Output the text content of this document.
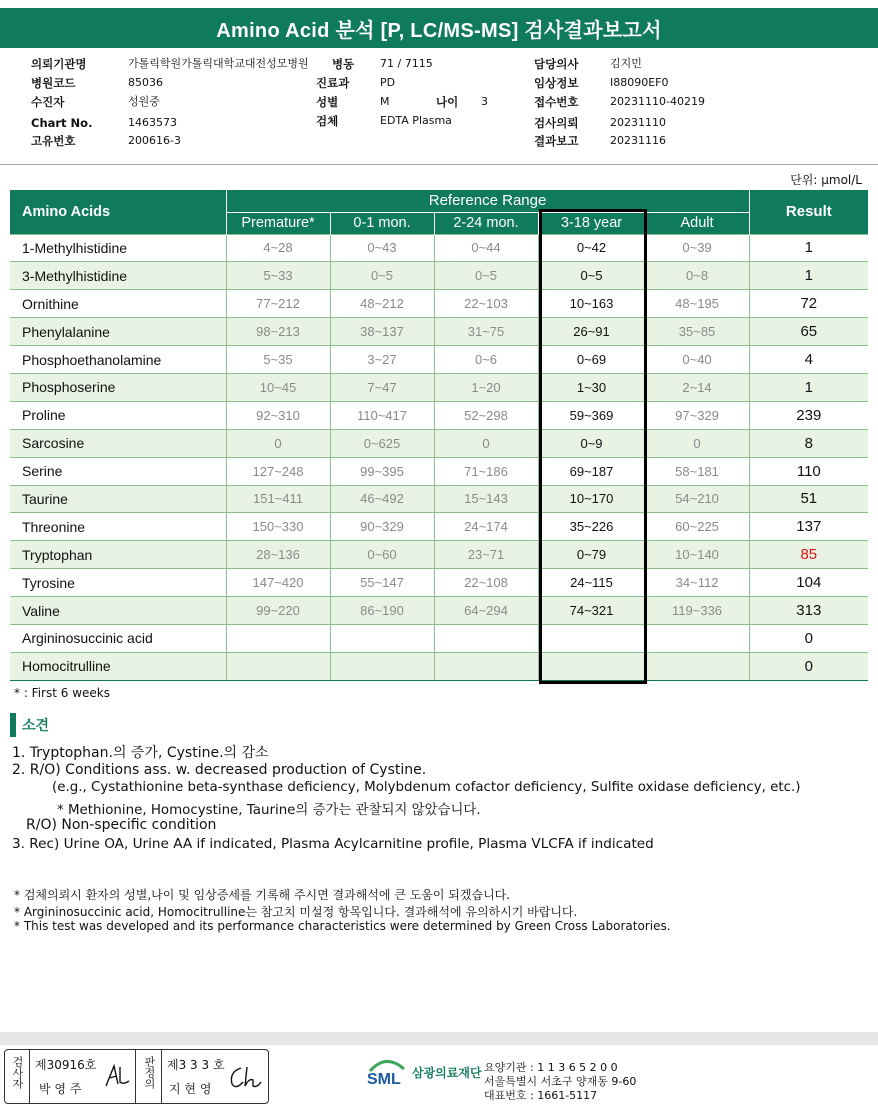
Amino Acid 분석 [P, LC/MS-MS] 검사결과보고서
의뢰기관명	가톨릭학원가톨릭대학교대전성모병원 병동 71 / 7115	담당의사	김지민
병원코드	85036	진료과	PD	임상정보	I88090EF0
수진자	성원중	성별	M	나이 3	접수번호	20231110-40219
Chart No.	1463573	검체	EDTA Plasma	검사의뢰	20231110
고유번호	200616-3	결과보고	20231116
단위: µmol/L
Amino Acids	Reference Range					Result
	Premature*	0-1 mon.	2-24 mon.	3-18 year	Adult	
1-Methylhistidine	4~28	0~43	0~44	0~42	0~39	1
3-Methylhistidine	5~33	0~5	0~5	0~5	0~8	1
Ornithine	77~212	48~212	22~103	10~163	48~195	72
Phenylalanine	98~213	38~137	31~75	26~91	35~85	65
Phosphoethanolamine	5~35	3~27	0~6	0~69	0~40	4
Phosphoserine	10~45	7~47	1~20	1~30	2~14	1
Proline	92~310	110~417	52~298	59~369	97~329	239
Sarcosine	0	0~625	0	0~9	0	8
Serine	127~248	99~395	71~186	69~187	58~181	110
Taurine	151~411	46~492	15~143	10~170	54~210	51
Threonine	150~330	90~329	24~174	35~226	60~225	137
Tryptophan	28~136	0~60	23~71	0~79	10~140	85
Tyrosine	147~420	55~147	22~108	24~115	34~112	104
Valine	99~220	86~190	64~294	74~321	119~336	313
Argininosuccinic acid						0
Homocitrulline						0
* : First 6 weeks
소견
1. Tryptophan.의 증가, Cystine.의 감소
2. R/O) Conditions ass. w. decreased production of Cystine.
(e.g., Cystathionine beta-synthase deficiency, Molybdenum cofactor deficiency, Sulfite oxidase deficiency, etc.)
* Methionine, Homocystine, Taurine의 증가는 관찰되지 않았습니다.
R/O) Non-specific condition
3. Rec) Urine OA, Urine AA if indicated, Plasma Acylcarnitine profile, Plasma VLCFA if indicated
* 검체의뢰시 환자의 성별,나이 및 임상증세를 기록해 주시면 결과해석에 큰 도움이 되겠습니다.
* Argininosuccinic acid, Homocitrulline는 참고치 미설정 항목입니다. 결과해석에 유의하시기 바랍니다.
* This test was developed and its performance characteristics were determined by Green Cross Laboratories.
검사자 제30916호
박 영 주	판정의 제3 3 3 호
지 현 영
SML 삼광의료재단 요양기관 : 1 1 3 6 5 2 0 0
서울특별시 서초구 양재동 9-60
대표번호 : 1661-5117
